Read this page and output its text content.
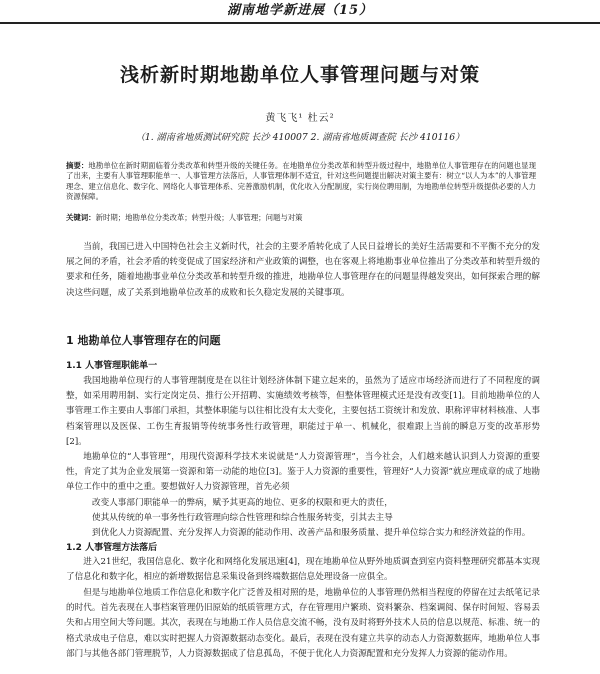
湖南地学新进展（15）
浅析新时期地勘单位人事管理问题与对策
黄飞飞¹ 杜云²
（1. 湖南省地质测试研究院 长沙 410007 2. 湖南省地质调查院 长沙 410116）
摘要：地勘单位在新时期面临着分类改革和转型升级的关键任务。在地勘单位分类改革和转型升级过程中，地勘单位人事管理存在的问题也显现了出来，主要有人事管理职能单一、人事管理方法落后，人事管理体制不适宜，针对这些问题提出解决对策主要有：树立“以人为本”的人事管理理念、建立信息化、数字化、网络化人事管理体系、完善激励机制，优化收入分配制度，实行岗位聘用制，为地勘单位转型升级提供必要的人力资源保障。
关键词：新时期；地勘单位分类改革；转型升级；人事管理；问题与对策
当前，我国已进入中国特色社会主义新时代，社会的主要矛盾转化成了人民日益增长的美好生活需要和不平衡不充分的发展之间的矛盾，社会矛盾的转变促成了国家经济和产业政策的调整，也在客观上将地勘事业单位推出了分类改革和转型升级的要求和任务，随着地勘事业单位分类改革和转型升级的推进，地勘单位人事管理存在的问题显得越发突出，如何探索合理的解决这些问题，成了关系到地勘单位改革的成败和长久稳定发展的关键事项。
1 地勘单位人事管理存在的问题
1.1 人事管理职能单一
我国地勘单位现行的人事管理制度是在以往计划经济体制下建立起来的，虽然为了适应市场经济而进行了不同程度的调整，如采用聘用制、实行定岗定员、推行公开招聘、实施绩效考核等，但整体管理模式还是没有改变[1]。目前地勘单位的人事管理工作主要由人事部门承担，其整体职能与以往相比没有太大变化，主要包括工资统计和发放、职称评审材料核准、人事档案管理以及医保、工伤生育报销等传统事务性行政管理，职能过于单一、机械化，很难跟上当前的瞬息万变的改革形势[2]。
地勘单位的“人事管理”，用现代资源科学技术来说就是“人力资源管理”，当今社会，人们越来越认识到人力资源的重要性，肯定了其为企业发展第一资源和第一动能的地位[3]。鉴于人力资源的重要性，管理好“人力资源”就应理成章的成了地勘单位工作中的重中之重。要想做好人力资源管理，首先必须
改变人事部门职能单一的弊病，赋予其更高的地位、更多的权限和更大的责任，
使其从传统的单一事务性行政管理向综合性管理和综合性服务转变，引其去主导
到优化人力资源配置、充分发挥人力资源的能动作用、改善产品和服务质量、提升单位综合实力和经济效益的作用。
1.2 人事管理方法落后
进入21世纪，我国信息化、数字化和网络化发展迅速[4]，现在地勘单位从野外地质调查到室内资料整理研究都基本实现了信息化和数字化，相应的新增数据信息采集设备到终端数据信息处理设备一应俱全。
但是与地勘单位地质工作信息化和数字化广泛普及相对照的是，地勘单位的人事管理仍然相当程度的停留在过去纸笔记录的时代。首先表现在人事档案管理仍旧原始的纸质管理方式，存在管理用户繁琐、资料繁杂、档案调阅、保存时间短、容易丢失和占用空间大等问题。其次，表现在与地勘工作人员信息交流不畅，没有及时将野外技术人员的信息以规范、标准、统一的格式录成电子信息，难以实时把握人力资源数据动态变化。最后，表现在没有建立共享的动态人力资源数据库，地勘单位人事部门与其他各部门管理脱节，人力资源数据成了信息孤岛，不便于优化人力资源配置和充分发挥人力资源的能动作用。
